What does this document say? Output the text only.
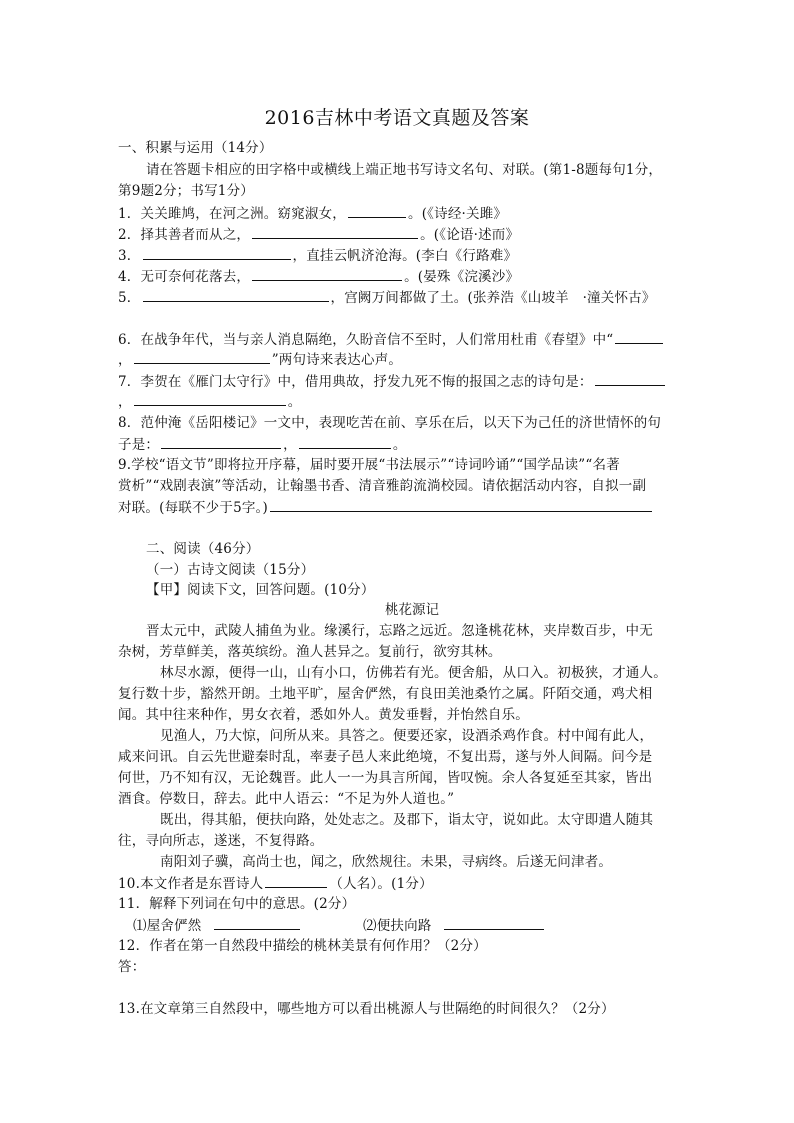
2016吉林中考语文真题及答案
一、积累与运用（14分）
请在答题卡相应的田字格中或横线上端正地书写诗文名句、对联。(第1-8题每句1分，
第9题2分；书写1分）
1．关关雎鸠，在河之洲。窈窕淑女，	。(《诗经·关雎》
2．择其善者而从之，	。(《论语·述而》
3．	，直挂云帆济沧海。(李白《行路难》
4．无可奈何花落去，	。(晏殊《浣溪沙》
5．	，宫阙万间都做了土。(张养浩《山坡羊　·潼关怀古》
6．在战争年代，当与亲人消息隔绝，久盼音信不至时，人们常用杜甫《春望》中“
，	”两句诗来表达心声。
7．李贺在《雁门太守行》中，借用典故，抒发九死不悔的报国之志的诗句是：
，	。
8．范仲淹《岳阳楼记》一文中，表现吃苦在前、享乐在后，以天下为己任的济世情怀的句
子是：	，	。
9.学校“语文节”即将拉开序幕，届时要开展“书法展示”“诗词吟诵”“国学品读”“名著
赏析”“戏剧表演”等活动，让翰墨书香、清音雅韵流淌校园。请依据活动内容，自拟一副
对联。(每联不少于5字。)
二、阅读（46分）
（一）古诗文阅读（15分）
【甲】阅读下文，回答问题。(10分）
桃花源记
晋太元中，武陵人捕鱼为业。缘溪行，忘路之远近。忽逢桃花林，夹岸数百步，中无
杂树，芳草鲜美，落英缤纷。渔人甚异之。复前行，欲穷其林。
林尽水源，便得一山，山有小口，仿佛若有光。便舍船，从口入。初极狭，才通人。
复行数十步，豁然开朗。土地平旷，屋舍俨然，有良田美池桑竹之属。阡陌交通，鸡犬相
闻。其中往来种作，男女衣着，悉如外人。黄发垂髫，并怡然自乐。
见渔人，乃大惊，问所从来。具答之。便要还家，设酒杀鸡作食。村中闻有此人，
咸来问讯。自云先世避秦时乱，率妻子邑人来此绝境，不复出焉，遂与外人间隔。问今是
何世，乃不知有汉，无论魏晋。此人一一为具言所闻，皆叹惋。余人各复延至其家，皆出
酒食。停数日，辞去。此中人语云：“不足为外人道也。”
既出，得其船，便扶向路，处处志之。及郡下，诣太守，说如此。太守即遣人随其
往，寻向所志，遂迷，不复得路。
南阳刘子骥，高尚士也，闻之，欣然规往。未果，寻病终。后遂无问津者。
10.本文作者是东晋诗人	（人名）。(1分）
11．解释下列词在句中的意思。(2分）
⑴屋舍俨然	⑵便扶向路
12．作者在第一自然段中描绘的桃林美景有何作用？（2分）
答：
13.在文章第三自然段中，哪些地方可以看出桃源人与世隔绝的时间很久？（2分）
